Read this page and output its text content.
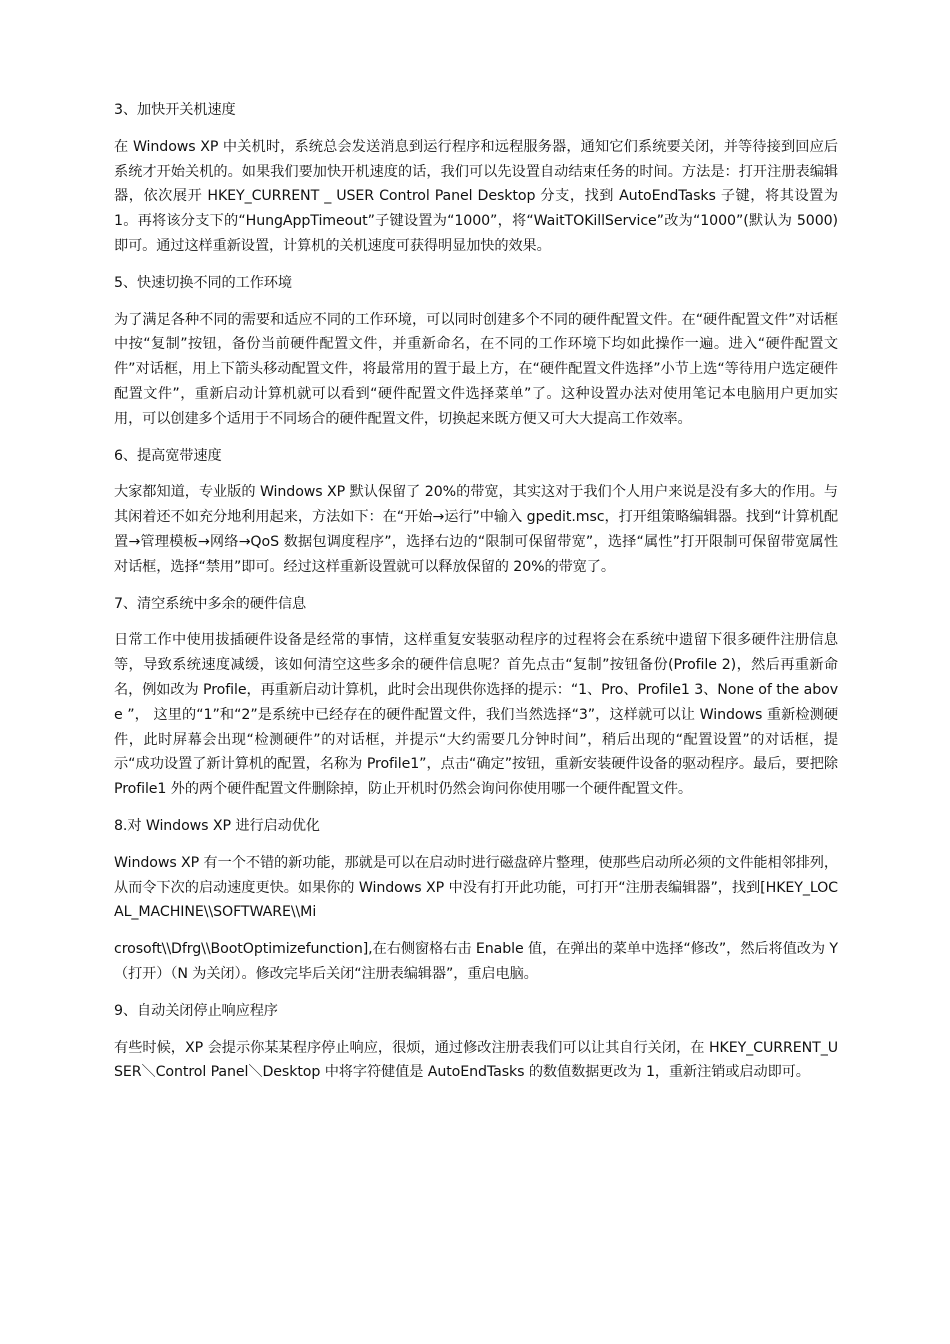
3、加快开关机速度

在 Windows XP 中关机时，系统总会发送消息到运行程序和远程服务器，通知它们系统要关闭，并等待接到回应后系统才开始关机的。如果我们要加快开机速度的话，我们可以先设置自动结束任务的时间。方法是：打开注册表编辑器，依次展开 HKEY_CURRENT _ USER Control Panel Desktop 分支，找到 AutoEndTasks 子键，将其设置为 1。再将该分支下的“HungAppTimeout”子键设置为“1000”，将“WaitTOKillService”改为“1000”(默认为 5000)即可。通过这样重新设置，计算机的关机速度可获得明显加快的效果。

5、快速切换不同的工作环境

为了满足各种不同的需要和适应不同的工作环境，可以同时创建多个不同的硬件配置文件。在“硬件配置文件”对话框中按“复制”按钮，备份当前硬件配置文件，并重新命名，在不同的工作环境下均如此操作一遍。进入“硬件配置文件”对话框，用上下箭头移动配置文件，将最常用的置于最上方，在“硬件配置文件选择”小节上选“等待用户选定硬件配置文件”，重新启动计算机就可以看到“硬件配置文件选择菜单”了。这种设置办法对使用笔记本电脑用户更加实用，可以创建多个适用于不同场合的硬件配置文件，切换起来既方便又可大大提高工作效率。

6、提高宽带速度

大家都知道，专业版的 Windows XP 默认保留了 20%的带宽，其实这对于我们个人用户来说是没有多大的作用。与其闲着还不如充分地利用起来，方法如下：在“开始→运行”中输入 gpedit.msc，打开组策略编辑器。找到“计算机配置→管理模板→网络→QoS 数据包调度程序”，选择右边的“限制可保留带宽”，选择“属性”打开限制可保留带宽属性对话框，选择“禁用”即可。经过这样重新设置就可以释放保留的 20%的带宽了。

7、清空系统中多余的硬件信息

日常工作中使用拔插硬件设备是经常的事情，这样重复安装驱动程序的过程将会在系统中遗留下很多硬件注册信息等，导致系统速度减缓，该如何清空这些多余的硬件信息呢？首先点击“复制”按钮备份(Profile 2)，然后再重新命名，例如改为 Profile，再重新启动计算机，此时会出现供你选择的提示：“1、Pro、Profile1 3、None of the above ”， 这里的“1”和“2”是系统中已经存在的硬件配置文件，我们当然选择“3”，这样就可以让 Windows 重新检测硬件，此时屏幕会出现“检测硬件”的对话框，并提示“大约需要几分钟时间”，稍后出现的“配置设置”的对话框，提示“成功设置了新计算机的配置，名称为 Profile1”，点击“确定”按钮，重新安装硬件设备的驱动程序。最后，要把除 Profile1 外的两个硬件配置文件删除掉，防止开机时仍然会询问你使用哪一个硬件配置文件。

8.对 Windows XP 进行启动优化

Windows XP 有一个不错的新功能，那就是可以在启动时进行磁盘碎片整理，使那些启动所必须的文件能相邻排列，从而令下次的启动速度更快。如果你的 Windows XP 中没有打开此功能，可打开“注册表编辑器”，找到[HKEY_LOCAL_MACHINE\\SOFTWARE\\Mi

crosoft\\Dfrg\\BootOptimizefunction],在右侧窗格右击 Enable 值，在弹出的菜单中选择“修改”，然后将值改为 Y（打开）（N 为关闭）。修改完毕后关闭“注册表编辑器”，重启电脑。

9、自动关闭停止响应程序

有些时候，XP 会提示你某某程序停止响应，很烦，通过修改注册表我们可以让其自行关闭，在 HKEY_CURRENT_USER＼Control Panel＼Desktop 中将字符健值是 AutoEndTasks 的数值数据更改为 1，重新注销或启动即可。
